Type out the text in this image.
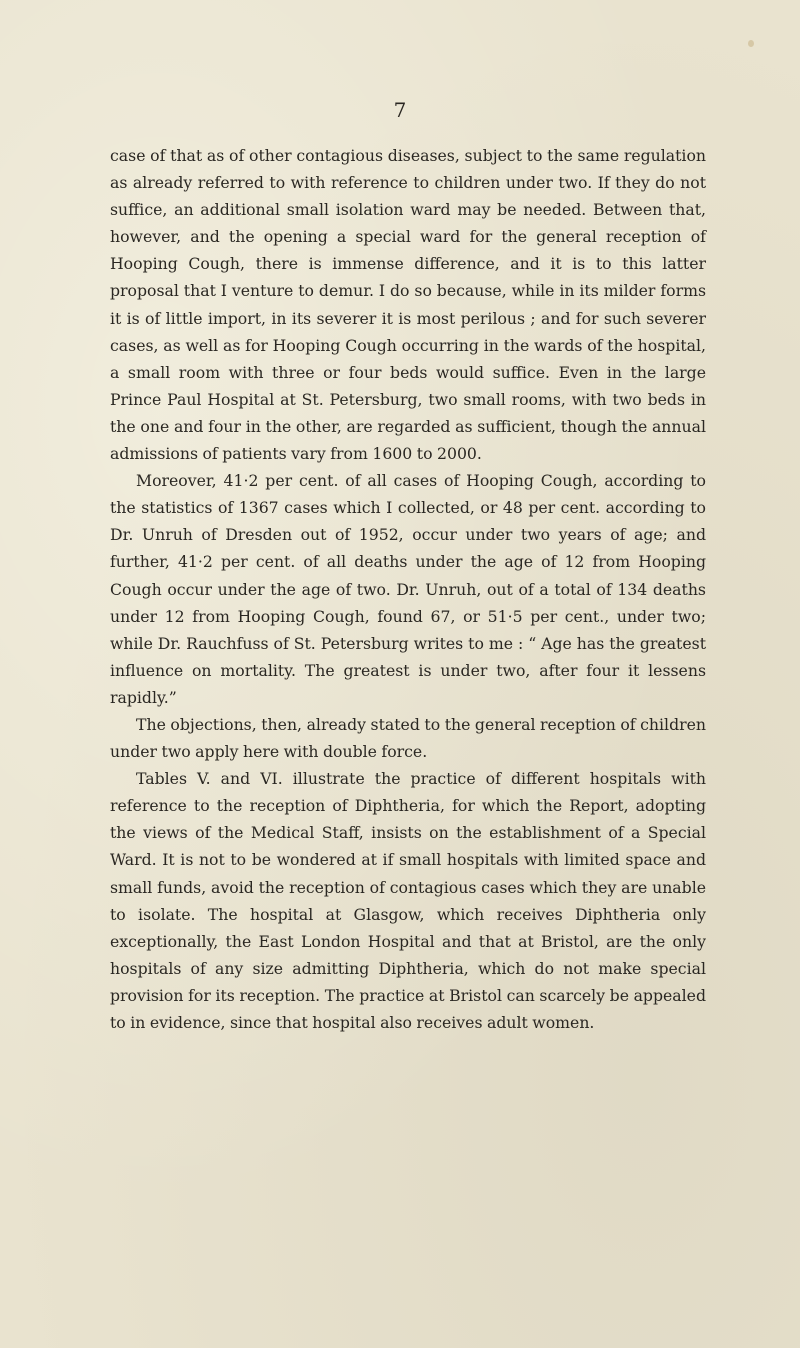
7

case of that as of other contagious diseases, subject to the same regulation as already referred to with reference to children under two. If they do not suffice, an additional small isolation ward may be needed. Between that, however, and the opening a special ward for the general reception of Hooping Cough, there is immense difference, and it is to this latter proposal that I venture to demur. I do so because, while in its milder forms it is of little import, in its severer it is most perilous ; and for such severer cases, as well as for Hooping Cough occurring in the wards of the hospital, a small room with three or four beds would suffice. Even in the large Prince Paul Hospital at St. Petersburg, two small rooms, with two beds in the one and four in the other, are regarded as sufficient, though the annual admissions of patients vary from 1600 to 2000.

Moreover, 41·2 per cent. of all cases of Hooping Cough, according to the statistics of 1367 cases which I collected, or 48 per cent. according to Dr. Unruh of Dresden out of 1952, occur under two years of age; and further, 41·2 per cent. of all deaths under the age of 12 from Hooping Cough occur under the age of two. Dr. Unruh, out of a total of 134 deaths under 12 from Hooping Cough, found 67, or 51·5 per cent., under two; while Dr. Rauchfuss of St. Petersburg writes to me : “ Age has the greatest influence on mortality. The greatest is under two, after four it lessens rapidly.”

The objections, then, already stated to the general reception of children under two apply here with double force.

Tables V. and VI. illustrate the practice of different hospitals with reference to the reception of Diphtheria, for which the Report, adopting the views of the Medical Staff, insists on the establishment of a Special Ward. It is not to be wondered at if small hospitals with limited space and small funds, avoid the reception of contagious cases which they are unable to isolate. The hospital at Glasgow, which receives Diphtheria only exceptionally, the East London Hospital and that at Bristol, are the only hospitals of any size admitting Diphtheria, which do not make special provision for its reception. The practice at Bristol can scarcely be appealed to in evidence, since that hospital also receives adult women.
